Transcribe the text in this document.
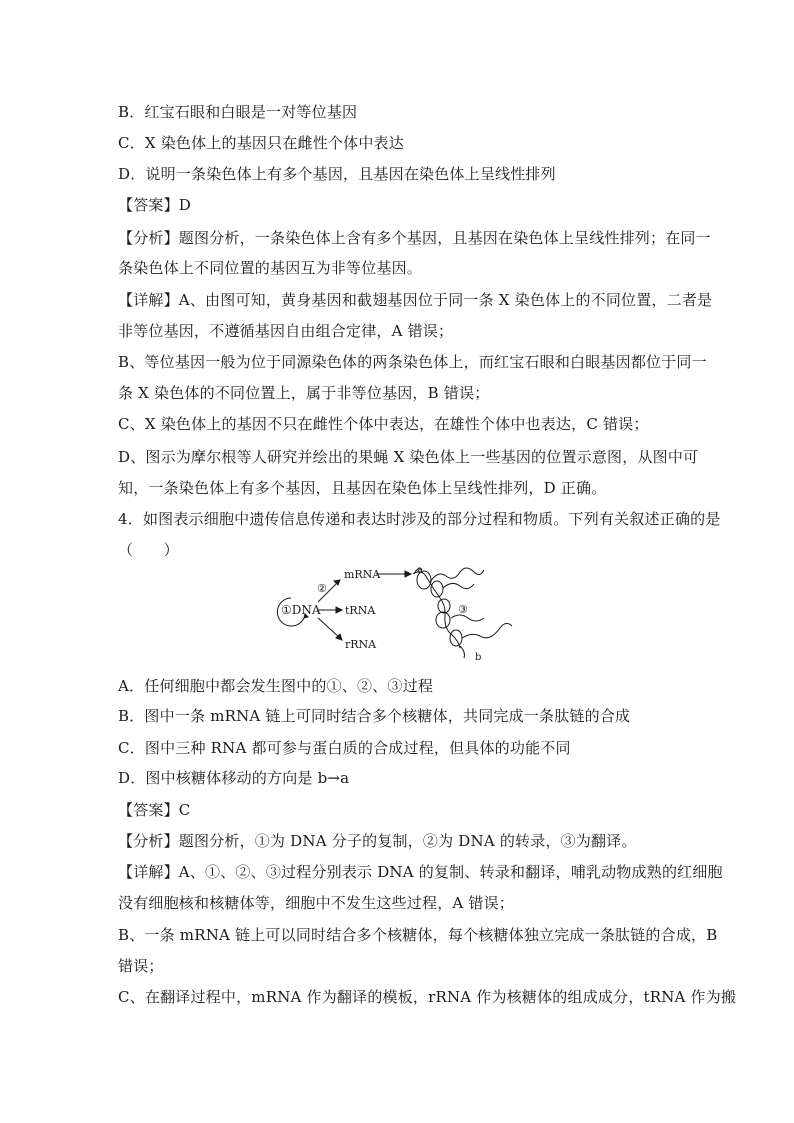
B．红宝石眼和白眼是一对等位基因
C．X 染色体上的基因只在雌性个体中表达
D．说明一条染色体上有多个基因，且基因在染色体上呈线性排列
【答案】D
【分析】题图分析，一条染色体上含有多个基因，且基因在染色体上呈线性排列；在同一
条染色体上不同位置的基因互为非等位基因。
【详解】A、由图可知，黄身基因和截翅基因位于同一条 X 染色体上的不同位置，二者是
非等位基因，不遵循基因自由组合定律，A 错误；
B、等位基因一般为位于同源染色体的两条染色体上，而红宝石眼和白眼基因都位于同一
条 X 染色体的不同位置上，属于非等位基因，B 错误；
C、X 染色体上的基因不只在雌性个体中表达，在雄性个体中也表达，C 错误；
D、图示为摩尔根等人研究并绘出的果蝇 X 染色体上一些基因的位置示意图，从图中可
知，一条染色体上有多个基因，且基因在染色体上呈线性排列，D 正确。
4．如图表示细胞中遗传信息传递和表达时涉及的部分过程和物质。下列有关叙述正确的是
（　　）
①DNA
②
mRNA
tRNA
rRNA
③
a
b
A．任何细胞中都会发生图中的①、②、③过程
B．图中一条 mRNA 链上可同时结合多个核糖体，共同完成一条肽链的合成
C．图中三种 RNA 都可参与蛋白质的合成过程，但具体的功能不同
D．图中核糖体移动的方向是 b→a
【答案】C
【分析】题图分析，①为 DNA 分子的复制，②为 DNA 的转录，③为翻译。
【详解】A、①、②、③过程分别表示 DNA 的复制、转录和翻译，哺乳动物成熟的红细胞
没有细胞核和核糖体等，细胞中不发生这些过程，A 错误；
B、一条 mRNA 链上可以同时结合多个核糖体，每个核糖体独立完成一条肽链的合成，B
错误；
C、在翻译过程中，mRNA 作为翻译的模板，rRNA 作为核糖体的组成成分，tRNA 作为搬
